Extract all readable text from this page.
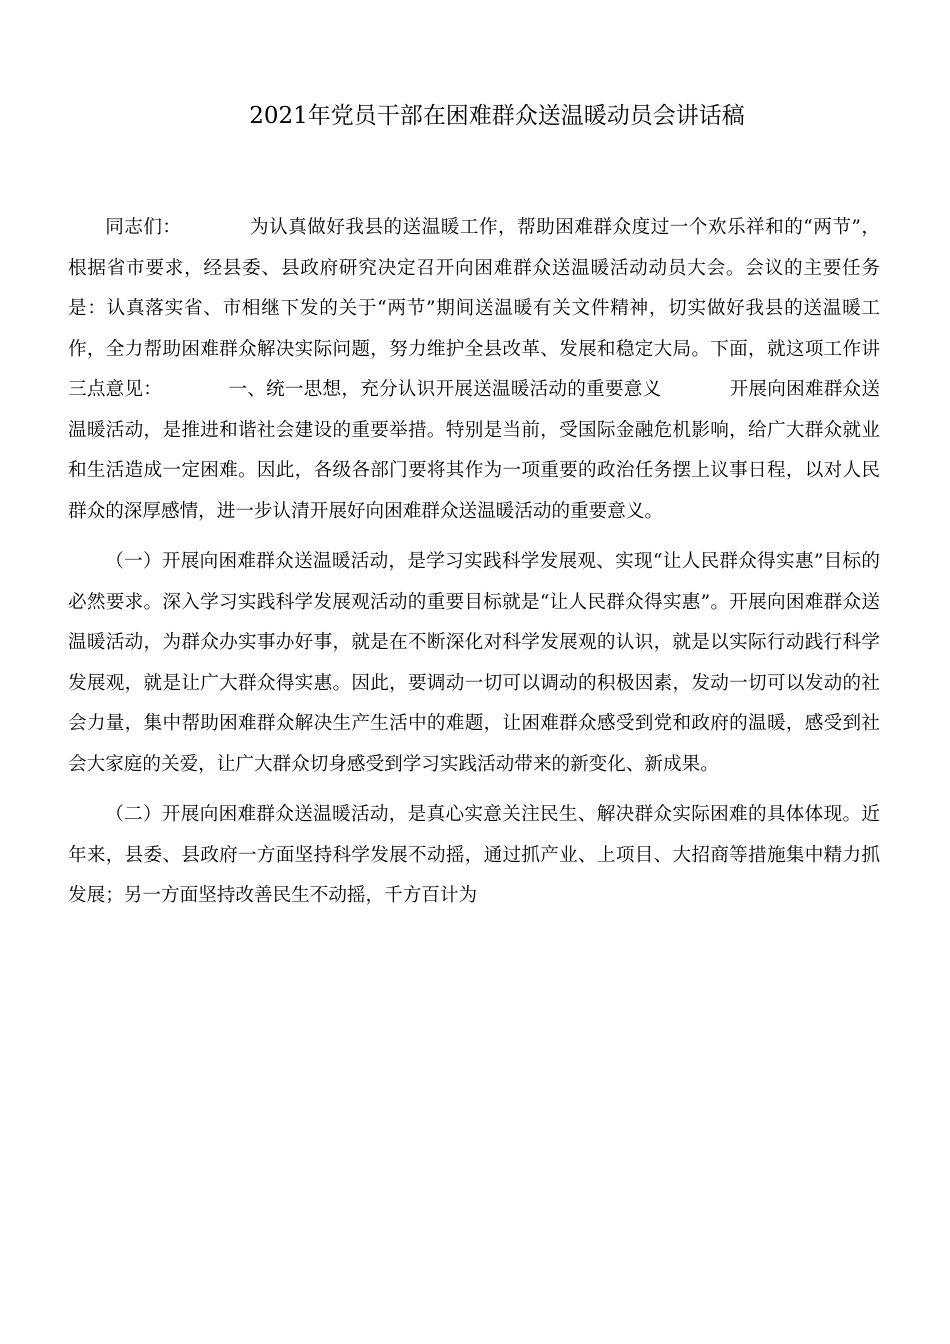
2021年党员干部在困难群众送温暖动员会讲话稿

同志们：	为认真做好我县的送温暖工作，帮助困难群众度过一个欢乐祥和的“两节”，根据省市要求，经县委、县政府研究决定召开向困难群众送温暖活动动员大会。会议的主要任务是：认真落实省、市相继下发的关于“两节”期间送温暖有关文件精神，切实做好我县的送温暖工作，全力帮助困难群众解决实际问题，努力维护全县改革、发展和稳定大局。下面，就这项工作讲三点意见：	一、统一思想，充分认识开展送温暖活动的重要意义	开展向困难群众送温暖活动，是推进和谐社会建设的重要举措。特别是当前，受国际金融危机影响，给广大群众就业和生活造成一定困难。因此，各级各部门要将其作为一项重要的政治任务摆上议事日程，以对人民群众的深厚感情，进一步认清开展好向困难群众送温暖活动的重要意义。

（一）开展向困难群众送温暖活动，是学习实践科学发展观、实现“让人民群众得实惠”目标的必然要求。深入学习实践科学发展观活动的重要目标就是“让人民群众得实惠”。开展向困难群众送温暖活动，为群众办实事办好事，就是在不断深化对科学发展观的认识，就是以实际行动践行科学发展观，就是让广大群众得实惠。因此，要调动一切可以调动的积极因素，发动一切可以发动的社会力量，集中帮助困难群众解决生产生活中的难题，让困难群众感受到党和政府的温暖，感受到社会大家庭的关爱，让广大群众切身感受到学习实践活动带来的新变化、新成果。

（二）开展向困难群众送温暖活动，是真心实意关注民生、解决群众实际困难的具体体现。近年来，县委、县政府一方面坚持科学发展不动摇，通过抓产业、上项目、大招商等措施集中精力抓发展；另一方面坚持改善民生不动摇，千方百计为
